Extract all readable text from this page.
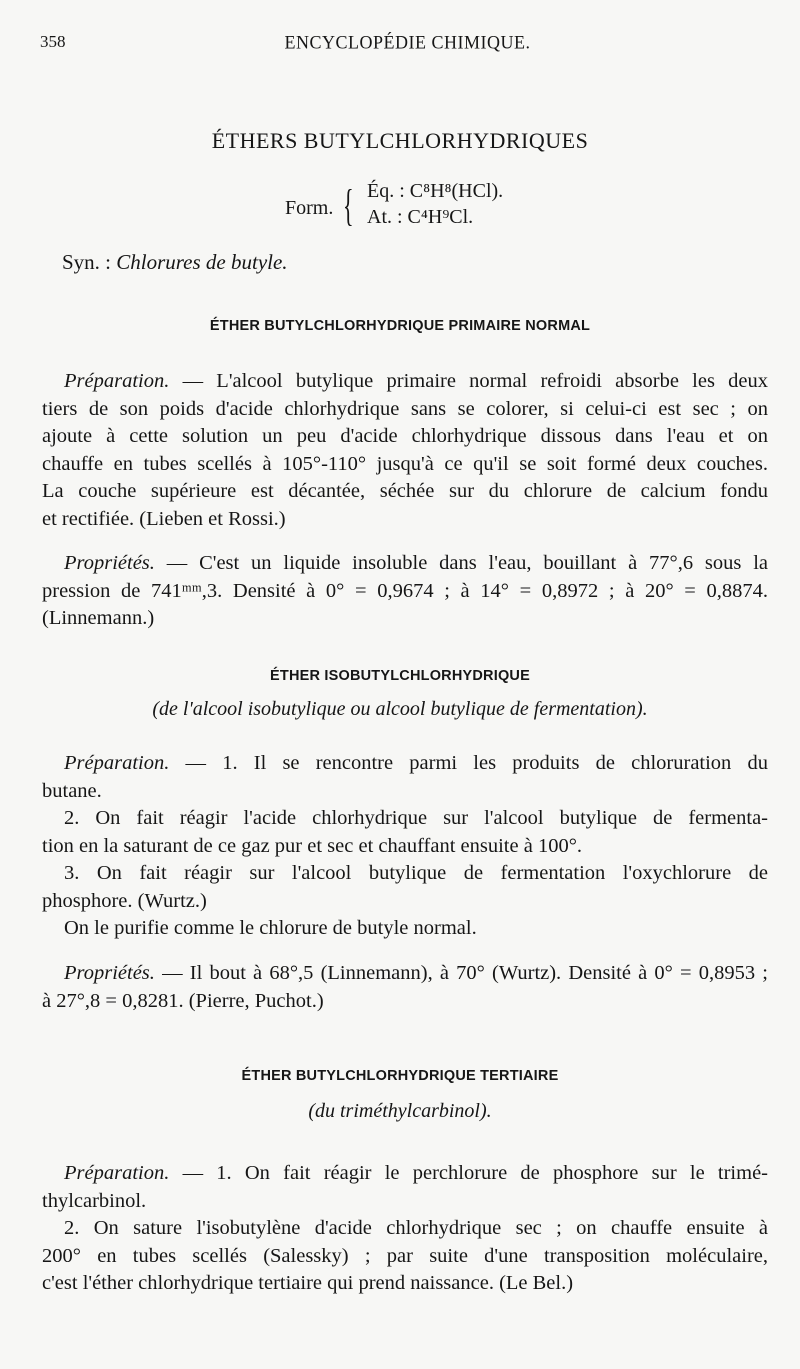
358	ENCYCLOPÉDIE CHIMIQUE.
ÉTHERS BUTYLCHLORHYDRIQUES
Form. { Éq. : C⁸H⁸(HCl).
At. : C⁴H⁹Cl.
Syn. : Chlorures de butyle.
ÉTHER BUTYLCHLORHYDRIQUE PRIMAIRE NORMAL
Préparation. — L'alcool butylique primaire normal refroidi absorbe les deux
tiers de son poids d'acide chlorhydrique sans se colorer, si celui-ci est sec ; on
ajoute à cette solution un peu d'acide chlorhydrique dissous dans l'eau et on
chauffe en tubes scellés à 105°-110° jusqu'à ce qu'il se soit formé deux couches.
La couche supérieure est décantée, séchée sur du chlorure de calcium fondu
et rectifiée. (Lieben et Rossi.)
Propriétés. — C'est un liquide insoluble dans l'eau, bouillant à 77°,6 sous la
pression de 741ᵐᵐ,3. Densité à 0° = 0,9674 ; à 14° = 0,8972 ; à 20° = 0,8874.
(Linnemann.)
ÉTHER ISOBUTYLCHLORHYDRIQUE
(de l'alcool isobutylique ou alcool butylique de fermentation).
Préparation. — 1. Il se rencontre parmi les produits de chloruration du
butane.
2. On fait réagir l'acide chlorhydrique sur l'alcool butylique de fermenta-
tion en la saturant de ce gaz pur et sec et chauffant ensuite à 100°.
3. On fait réagir sur l'alcool butylique de fermentation l'oxychlorure de
phosphore. (Wurtz.)
On le purifie comme le chlorure de butyle normal.
Propriétés. — Il bout à 68°,5 (Linnemann), à 70° (Wurtz). Densité à 0° = 0,8953 ;
à 27°,8 = 0,8281. (Pierre, Puchot.)
ÉTHER BUTYLCHLORHYDRIQUE TERTIAIRE
(du triméthylcarbinol).
Préparation. — 1. On fait réagir le perchlorure de phosphore sur le trimé-
thylcarbinol.
2. On sature l'isobutylène d'acide chlorhydrique sec ; on chauffe ensuite à
200° en tubes scellés (Salessky) ; par suite d'une transposition moléculaire,
c'est l'éther chlorhydrique tertiaire qui prend naissance. (Le Bel.)
